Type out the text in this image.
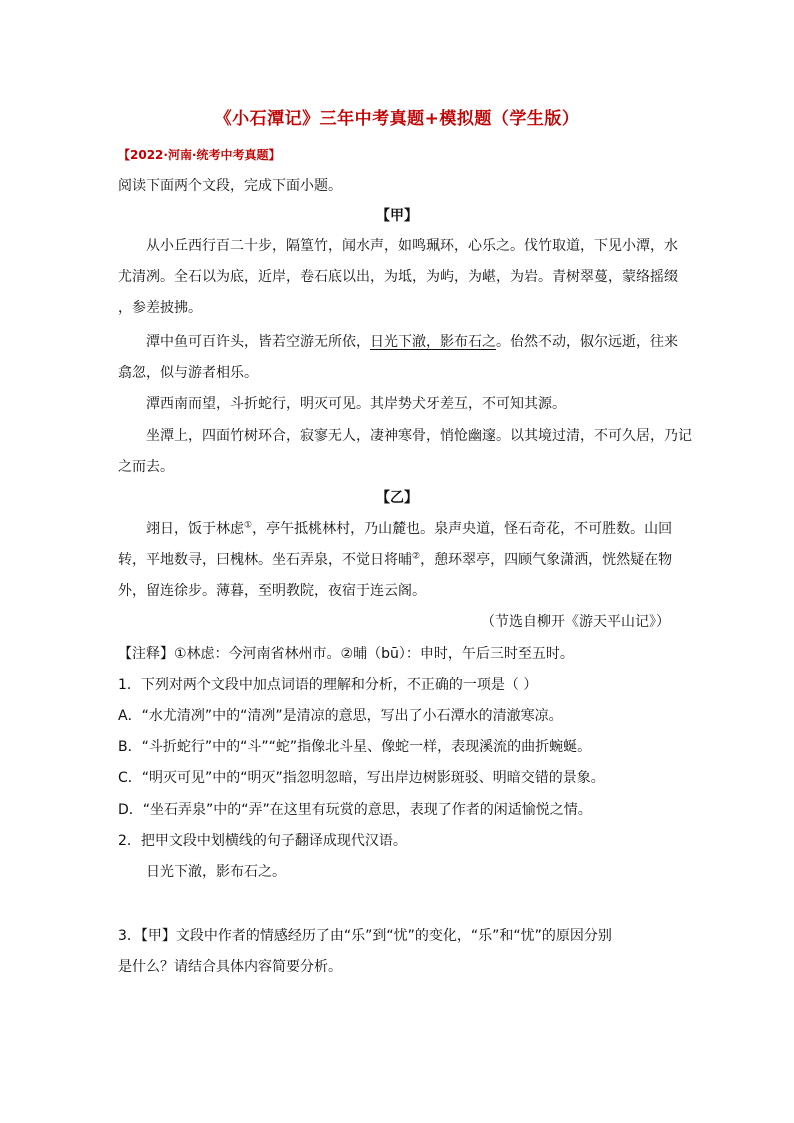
《小石潭记》三年中考真题+模拟题（学生版）
【2022·河南·统考中考真题】
阅读下面两个文段，完成下面小题。
【甲】
从小丘西行百二十步，隔篁竹，闻水声，如鸣珮环，心乐之。伐竹取道，下见小潭，水
尤清冽。全石以为底，近岸，卷石底以出，为坻，为屿，为嵁，为岩。青树翠蔓，蒙络摇缀
，参差披拂。
潭中鱼可百许头，皆若空游无所依，日光下澈，影布石之。佁然不动，俶尔远逝，往来
翕忽，似与游者相乐。
潭西南而望，斗折蛇行，明灭可见。其岸势犬牙差互，不可知其源。
坐潭上，四面竹树环合，寂寥无人，凄神寒骨，悄怆幽邃。以其境过清，不可久居，乃记
之而去。
【乙】
翊日，饭于林虑①，亭午抵桃林村，乃山麓也。泉声央道，怪石奇花，不可胜数。山回
转，平地数寻，曰槐林。坐石弄泉，不觉日将晡②，憩环翠亭，四顾气象潇洒，恍然疑在物
外，留连徐步。薄暮，至明教院，夜宿于连云阁。
（节选自柳开《游天平山记》）
【注释】①林虑：今河南省林州市。②晡（bū）：申时，午后三时至五时。
1．下列对两个文段中加点词语的理解和分析，不正确的一项是（ ）
A．“水尤清冽”中的“清冽”是清凉的意思，写出了小石潭水的清澈寒凉。
B．“斗折蛇行”中的“斗”“蛇”指像北斗星、像蛇一样，表现溪流的曲折蜿蜒。
C．“明灭可见”中的“明灭”指忽明忽暗，写出岸边树影斑驳、明暗交错的景象。
D．“坐石弄泉”中的“弄”在这里有玩赏的意思，表现了作者的闲适愉悦之情。
2．把甲文段中划横线的句子翻译成现代汉语。
日光下澈，影布石之。
3．【甲】文段中作者的情感经历了由“乐”到“忧”的变化，“乐”和“忧”的原因分别
是什么？请结合具体内容简要分析。
